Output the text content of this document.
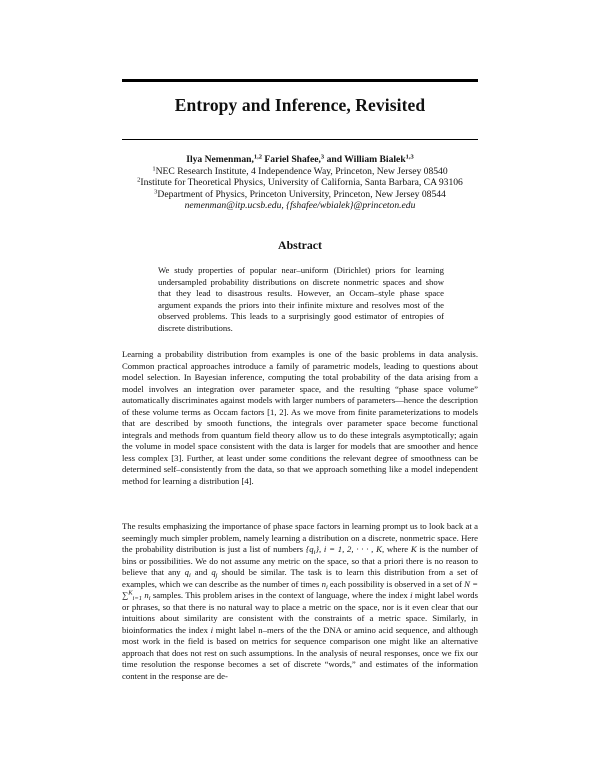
Entropy and Inference, Revisited
Ilya Nemenman,$^{1,2}$ Fariel Shafee,$^3$ and William Bialek$^{1,3}$
$^1$NEC Research Institute, 4 Independence Way, Princeton, New Jersey 08540
$^2$Institute for Theoretical Physics, University of California, Santa Barbara, CA 93106
$^3$Department of Physics, Princeton University, Princeton, New Jersey 08544
nemenman@itp.ucsb.edu, {fshafee/wbialek}@princeton.edu
Abstract
We study properties of popular near–uniform (Dirichlet) priors for learning undersampled probability distributions on discrete nonmetric spaces and show that they lead to disastrous results. However, an Occam–style phase space argument expands the priors into their infinite mixture and resolves most of the observed problems. This leads to a surprisingly good estimator of entropies of discrete distributions.
Learning a probability distribution from examples is one of the basic problems in data analysis. Common practical approaches introduce a family of parametric models, leading to questions about model selection. In Bayesian inference, computing the total probability of the data arising from a model involves an integration over parameter space, and the resulting “phase space volume” automatically discriminates against models with larger numbers of parameters—hence the description of these volume terms as Occam factors [1, 2]. As we move from finite parameterizations to models that are described by smooth functions, the integrals over parameter space become functional integrals and methods from quantum field theory allow us to do these integrals asymptotically; again the volume in model space consistent with the data is larger for models that are smoother and hence less complex [3]. Further, at least under some conditions the relevant degree of smoothness can be determined self–consistently from the data, so that we approach something like a model independent method for learning a distribution [4].
The results emphasizing the importance of phase space factors in learning prompt us to look back at a seemingly much simpler problem, namely learning a distribution on a discrete, nonmetric space. Here the probability distribution is just a list of numbers $\{q_i\}$, i = 1, 2, · · · , K, where K is the number of bins or possibilities. We do not assume any metric on the space, so that a priori there is no reason to believe that any $q_i$ and $q_j$ should be similar. The task is to learn this distribution from a set of examples, which we can describe as the number of times $n_i$ each possibility is observed in a set of N = ∑$^K_{i=1}$ $n_i$ samples. This problem arises in the context of language, where the index i might label words or phrases, so that there is no natural way to place a metric on the space, nor is it even clear that our intuitions about similarity are consistent with the constraints of a metric space. Similarly, in bioinformatics the index i might label n–mers of the the DNA or amino acid sequence, and although most work in the field is based on metrics for sequence comparison one might like an alternative approach that does not rest on such assumptions. In the analysis of neural responses, once we fix our time resolution the response becomes a set of discrete “words,” and estimates of the information content in the response are de-
